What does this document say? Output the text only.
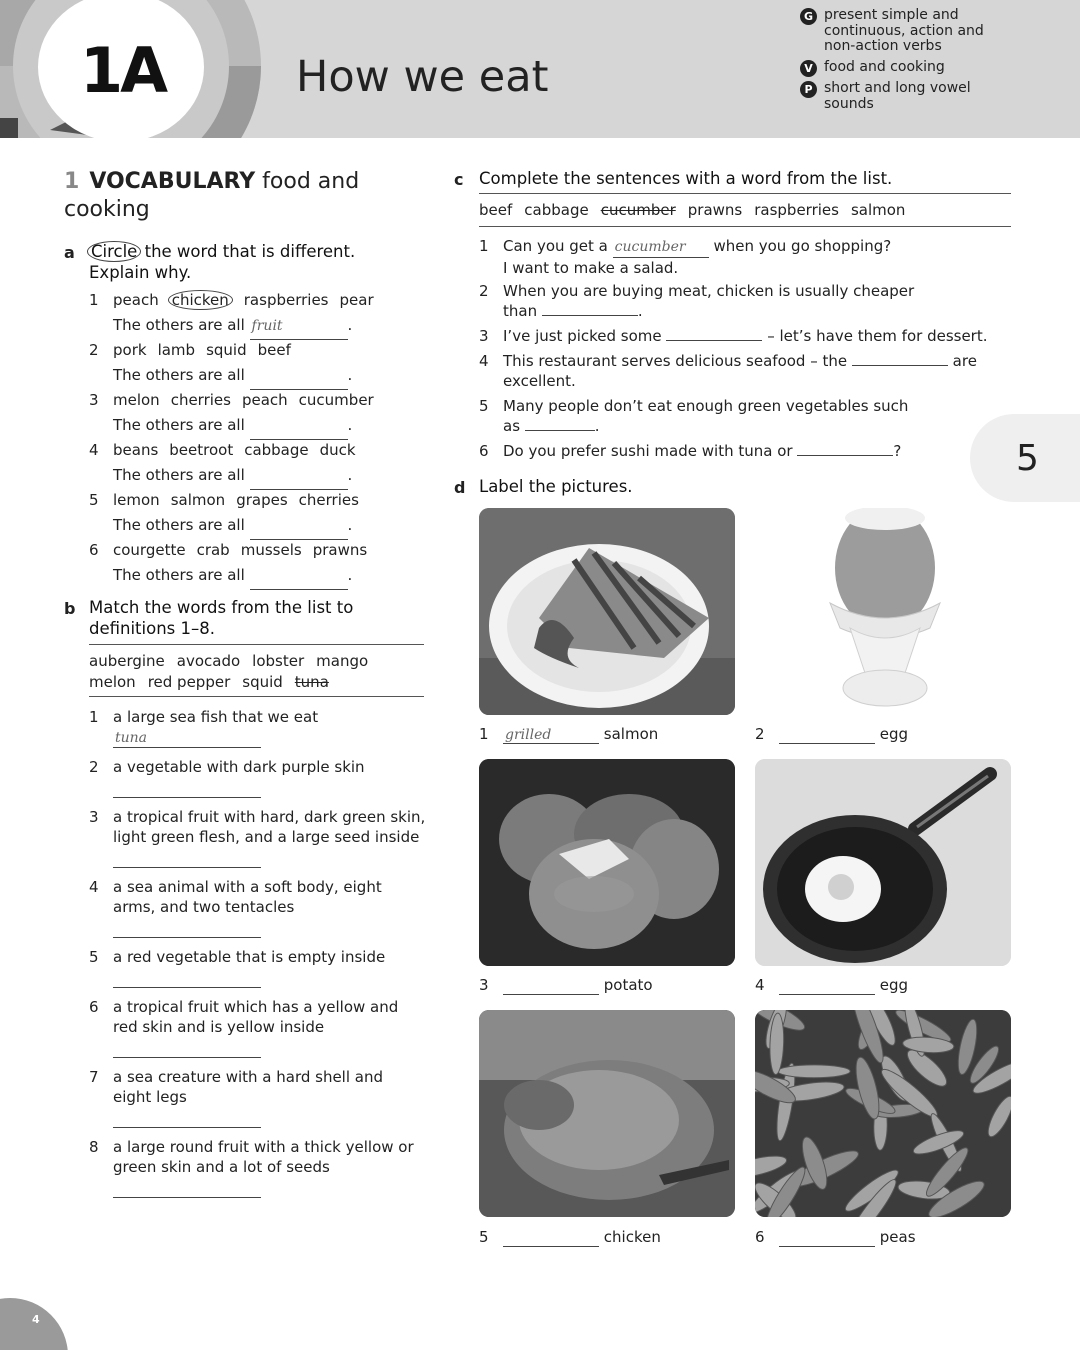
1A	How we eat
G present simple and continuous, action and non-action verbs
V food and cooking
P short and long vowel sounds
1 VOCABULARY food and cooking
a Circle the word that is different.
Explain why.
1 peach chicken raspberries pear
The others are all fruit	.
2 pork lamb squid beef
The others are all	.
3 melon cherries peach cucumber
The others are all	.
4 beans beetroot cabbage duck
The others are all	.
5 lemon salmon grapes cherries
The others are all	.
6 courgette crab mussels prawns
The others are all	.
b Match the words from the list to
definitions 1–8.
aubergine avocado lobster mango
melon red pepper squid tuna
1 a large sea fish that we eat
tuna
2 a vegetable with dark purple skin

3 a tropical fruit with hard, dark green skin,
light green flesh, and a large seed inside

4 a sea animal with a soft body, eight
arms, and two tentacles

5 a red vegetable that is empty inside

6 a tropical fruit which has a yellow and
red skin and is yellow inside

7 a sea creature with a hard shell and
eight legs

8 a large round fruit with a thick yellow or
green skin and a lot of seeds

c Complete the sentences with a word from the list.
beef cabbage cucumber prawns raspberries salmon
1 Can you get a cucumber when you go shopping?
I want to make a salad.
2 When you are buying meat, chicken is usually cheaper
than	.
3 I’ve just picked some	– let’s have them for dessert.
4 This restaurant serves delicious seafood – the	are
excellent.
5 Many people don’t eat enough green vegetables such
as	.
6 Do you prefer sushi made with tuna or	?
d Label the pictures.
1 grilled	salmon	2	egg
3	potato	4	egg
5	chicken	6	peas
5
4
